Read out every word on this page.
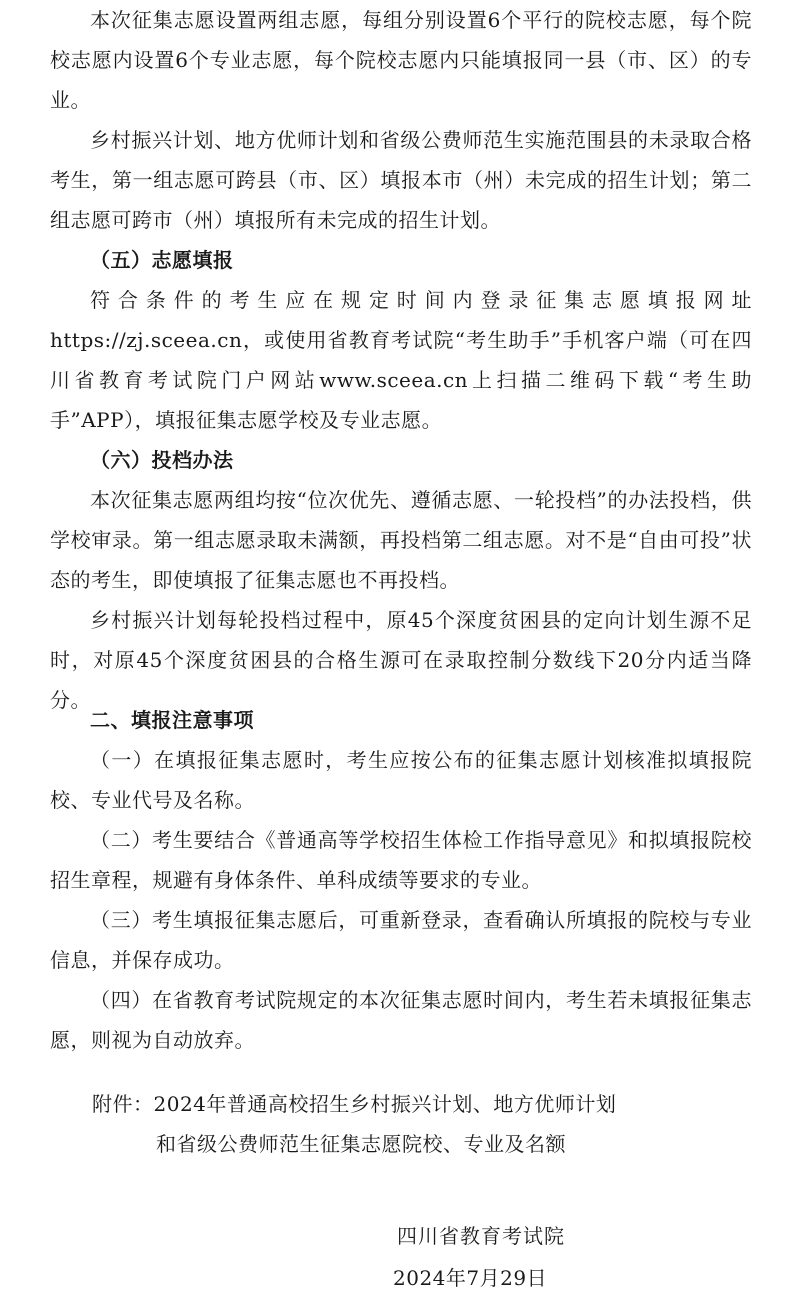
本次征集志愿设置两组志愿，每组分别设置6个平行的院校志愿，每个院校志愿内设置6个专业志愿，每个院校志愿内只能填报同一县（市、区）的专业。

乡村振兴计划、地方优师计划和省级公费师范生实施范围县的未录取合格考生，第一组志愿可跨县（市、区）填报本市（州）未完成的招生计划；第二组志愿可跨市（州）填报所有未完成的招生计划。

（五）志愿填报

符合条件的考生应在规定时间内登录征集志愿填报网址https://zj.sceea.cn，或使用省教育考试院“考生助手”手机客户端（可在四川省教育考试院门户网站www.sceea.cn上扫描二维码下载“考生助手”APP），填报征集志愿学校及专业志愿。

（六）投档办法

本次征集志愿两组均按“位次优先、遵循志愿、一轮投档”的办法投档，供学校审录。第一组志愿录取未满额，再投档第二组志愿。对不是“自由可投”状态的考生，即使填报了征集志愿也不再投档。

乡村振兴计划每轮投档过程中，原45个深度贫困县的定向计划生源不足时，对原45个深度贫困县的合格生源可在录取控制分数线下20分内适当降分。

二、填报注意事项

（一）在填报征集志愿时，考生应按公布的征集志愿计划核准拟填报院校、专业代号及名称。

（二）考生要结合《普通高等学校招生体检工作指导意见》和拟填报院校招生章程，规避有身体条件、单科成绩等要求的专业。

（三）考生填报征集志愿后，可重新登录，查看确认所填报的院校与专业信息，并保存成功。

（四）在省教育考试院规定的本次征集志愿时间内，考生若未填报征集志愿，则视为自动放弃。

附件：2024年普通高校招生乡村振兴计划、地方优师计划
和省级公费师范生征集志愿院校、专业及名额
四川省教育考试院
2024年7月29日
